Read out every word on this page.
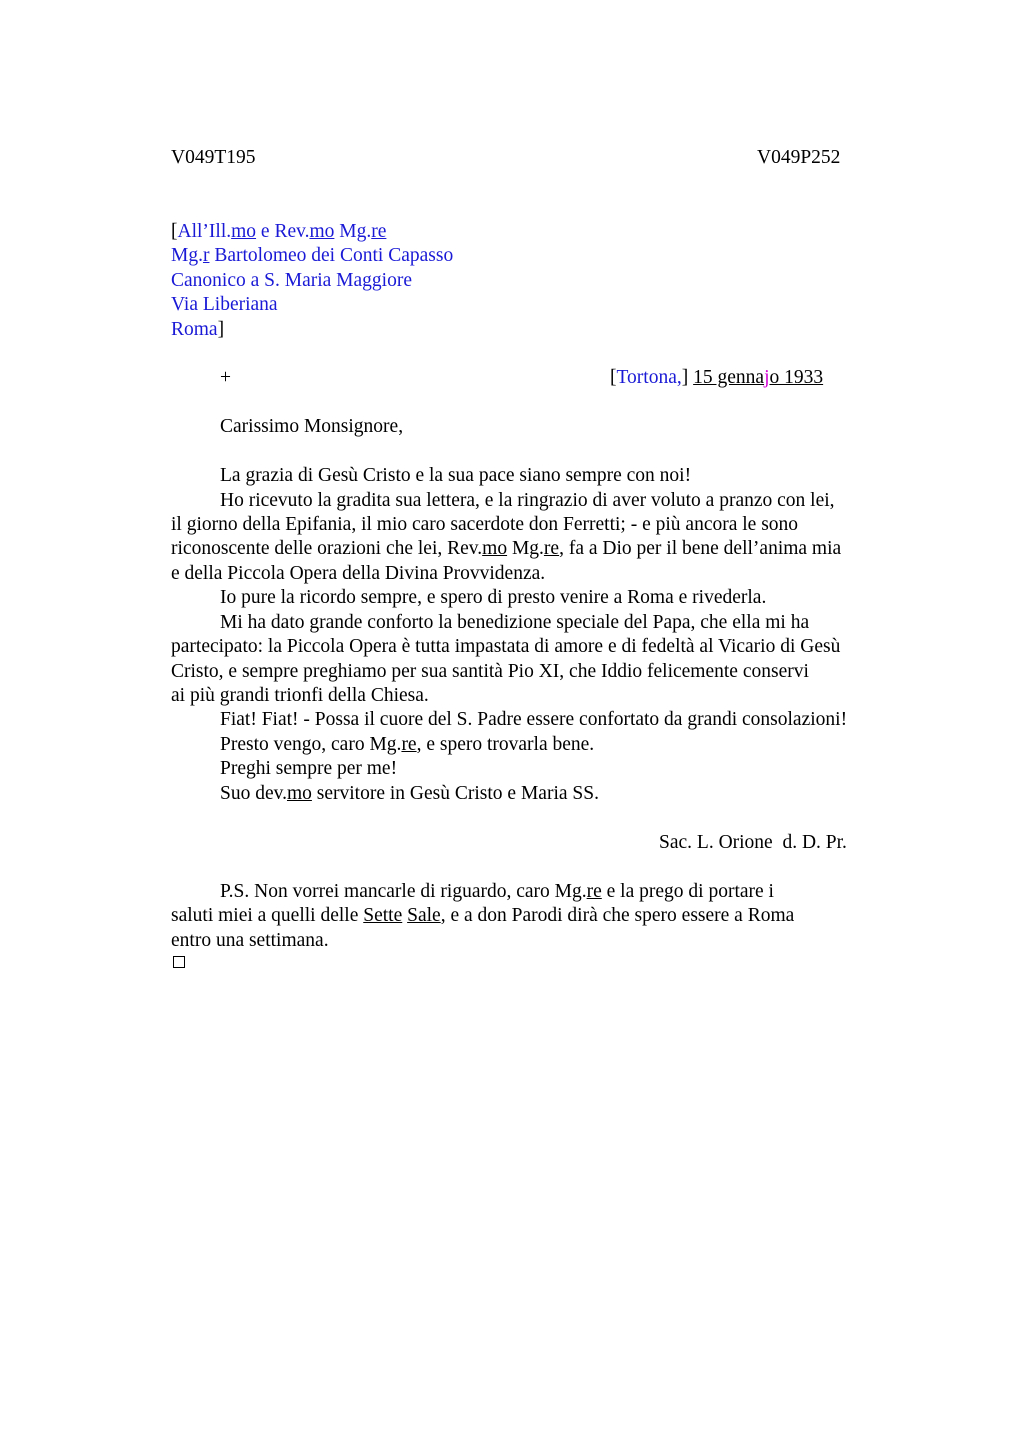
V049T195	V049P252
[All’Ill.mo e Rev.mo Mg.re
Mg.r Bartolomeo dei Conti Capasso
Canonico a S. Maria Maggiore
Via Liberiana
Roma]
+	[Tortona,] 15 gennajo 1933
Carissimo Monsignore,
La grazia di Gesù Cristo e la sua pace siano sempre con noi!
Ho ricevuto la gradita sua lettera, e la ringrazio di aver voluto a pranzo con lei,
il giorno della Epifania, il mio caro sacerdote don Ferretti; - e più ancora le sono
riconoscente delle orazioni che lei, Rev.mo Mg.re, fa a Dio per il bene dell’anima mia
e della Piccola Opera della Divina Provvidenza.
Io pure la ricordo sempre, e spero di presto venire a Roma e rivederla.
Mi ha dato grande conforto la benedizione speciale del Papa, che ella mi ha
partecipato: la Piccola Opera è tutta impastata di amore e di fedeltà al Vicario di Gesù
Cristo, e sempre preghiamo per sua santità Pio XI, che Iddio felicemente conservi
ai più grandi trionfi della Chiesa.
Fiat! Fiat! - Possa il cuore del S. Padre essere confortato da grandi consolazioni!
Presto vengo, caro Mg.re, e spero trovarla bene.
Preghi sempre per me!
Suo dev.mo servitore in Gesù Cristo e Maria SS.
Sac. L. Orione  d. D. Pr.
P.S. Non vorrei mancarle di riguardo, caro Mg.re e la prego di portare i
saluti miei a quelli delle Sette Sale, e a don Parodi dirà che spero essere a Roma
entro una settimana.
